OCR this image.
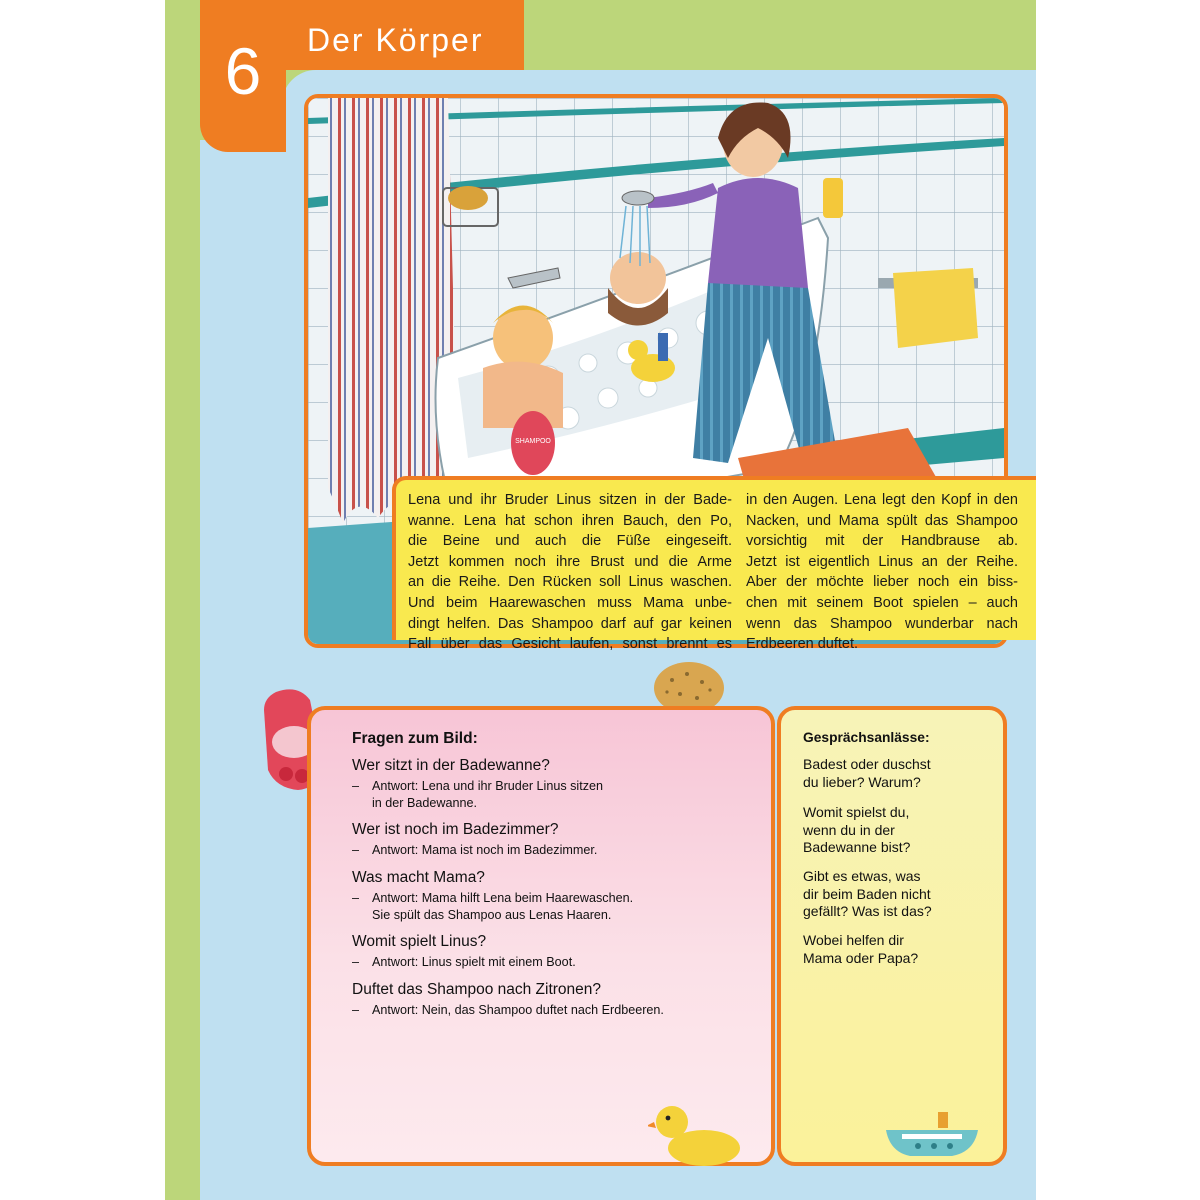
6	Der Körper
SHAMPOO
Lena und ihr Bruder Linus sitzen in der Bade-
wanne. Lena hat schon ihren Bauch, den Po,
die Beine und auch die Füße eingeseift.
Jetzt kommen noch ihre Brust und die Arme
an die Reihe. Den Rücken soll Linus waschen.
Und beim Haarewaschen muss Mama unbe-
dingt helfen. Das Shampoo darf auf gar keinen
Fall über das Gesicht laufen, sonst brennt es
in den Augen. Lena legt den Kopf in den
Nacken, und Mama spült das Shampoo
vorsichtig mit der Handbrause ab.
Jetzt ist eigentlich Linus an der Reihe.
Aber der möchte lieber noch ein biss-
chen mit seinem Boot spielen – auch
wenn das Shampoo wunderbar nach
Erdbeeren duftet.
Fragen zum Bild:
Wer sitzt in der Badewanne?
– Antwort: Lena und ihr Bruder Linus sitzen
in der Badewanne.
Wer ist noch im Badezimmer?
– Antwort: Mama ist noch im Badezimmer.
Was macht Mama?
– Antwort: Mama hilft Lena beim Haarewaschen.
Sie spült das Shampoo aus Lenas Haaren.
Womit spielt Linus?
– Antwort: Linus spielt mit einem Boot.
Duftet das Shampoo nach Zitronen?
– Antwort: Nein, das Shampoo duftet nach Erdbeeren.
Gesprächsanlässe:
Badest oder duschst
du lieber? Warum?
Womit spielst du,
wenn du in der
Badewanne bist?
Gibt es etwas, was
dir beim Baden nicht
gefällt? Was ist das?
Wobei helfen dir
Mama oder Papa?
